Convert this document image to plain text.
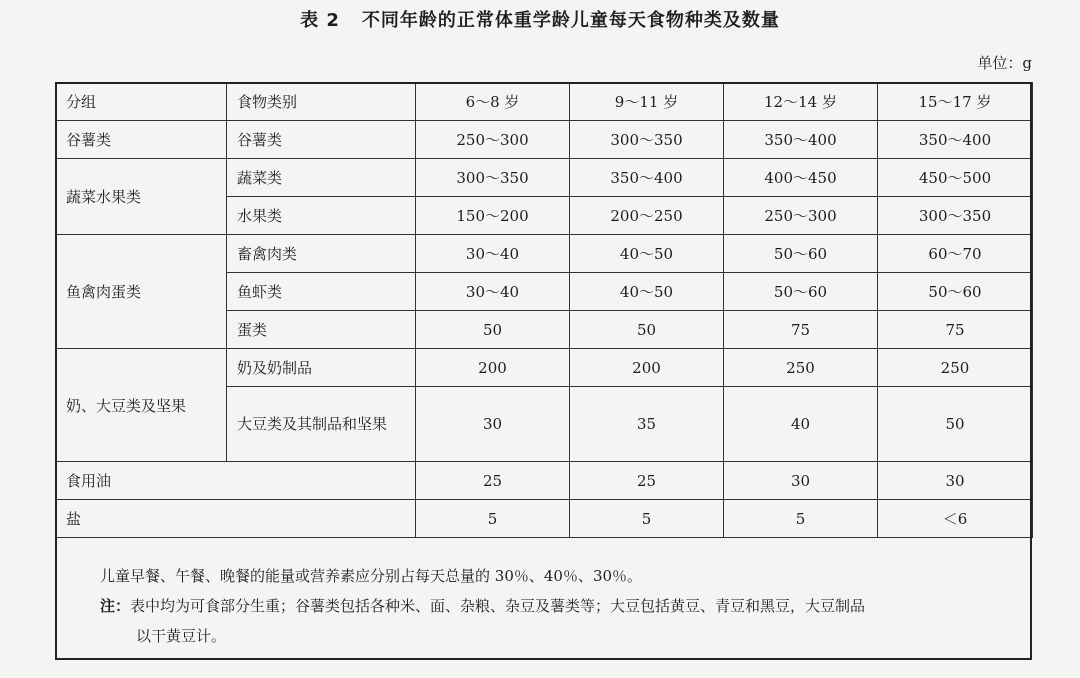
表 2 不同年龄的正常体重学龄儿童每天食物种类及数量
单位：g
分组	食物类别	6～8 岁	9～11 岁	12～14 岁	15～17 岁
谷薯类	谷薯类	250～300	300～350	350～400	350～400
蔬菜水果类	蔬菜类	300～350	350～400	400～450	450～500
	水果类	150～200	200～250	250～300	300～350
鱼禽肉蛋类	畜禽肉类	30～40	40～50	50～60	60～70
	鱼虾类	30～40	40～50	50～60	50～60
	蛋类	50	50	75	75
奶、大豆类及坚果	奶及奶制品	200	200	250	250
	大豆类及其制品和坚果	30	35	40	50
食用油		25	25	30	30
盐		5	5	5	＜6
儿童早餐、午餐、晚餐的能量或营养素应分别占每天总量的 30％、40％、30％。
注：表中均为可食部分生重；谷薯类包括各种米、面、杂粮、杂豆及薯类等；大豆包括黄豆、青豆和黑豆，大豆制品
以干黄豆计。
